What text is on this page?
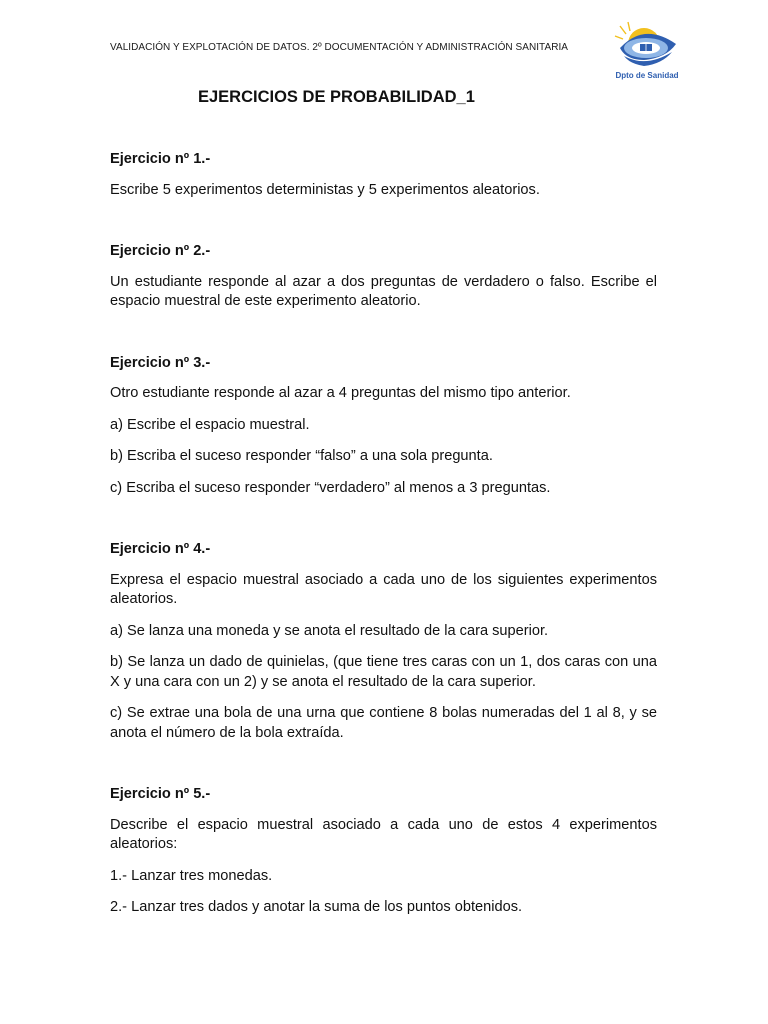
VALIDACIÓN Y EXPLOTACIÓN DE DATOS. 2º DOCUMENTACIÓN Y ADMINISTRACIÓN SANITARIA
Dpto de Sanidad
EJERCICIOS DE PROBABILIDAD_1
Ejercicio nº 1.-
Escribe 5 experimentos deterministas y 5 experimentos aleatorios.
Ejercicio nº 2.-
Un estudiante responde al azar a dos preguntas de verdadero o falso. Escribe el espacio muestral de este experimento aleatorio.
Ejercicio nº 3.-
Otro estudiante responde al azar a 4 preguntas del mismo tipo anterior.
a) Escribe el espacio muestral.
b) Escriba el suceso responder “falso” a una sola pregunta.
c) Escriba el suceso responder “verdadero” al menos a 3 preguntas.
Ejercicio nº 4.-
Expresa el espacio muestral asociado a cada uno de los siguientes experimentos aleatorios.
a) Se lanza una moneda y se anota el resultado de la cara superior.
b) Se lanza un dado de quinielas, (que tiene tres caras con un 1, dos caras con una X y una cara con un 2) y se anota el resultado de la cara superior.
c) Se extrae una bola de una urna que contiene 8 bolas numeradas del 1 al 8, y se anota el número de la bola extraída.
Ejercicio nº 5.-
Describe el espacio muestral asociado a cada uno de estos 4 experimentos aleatorios:
1.- Lanzar tres monedas.
2.- Lanzar tres dados y anotar la suma de los puntos obtenidos.
